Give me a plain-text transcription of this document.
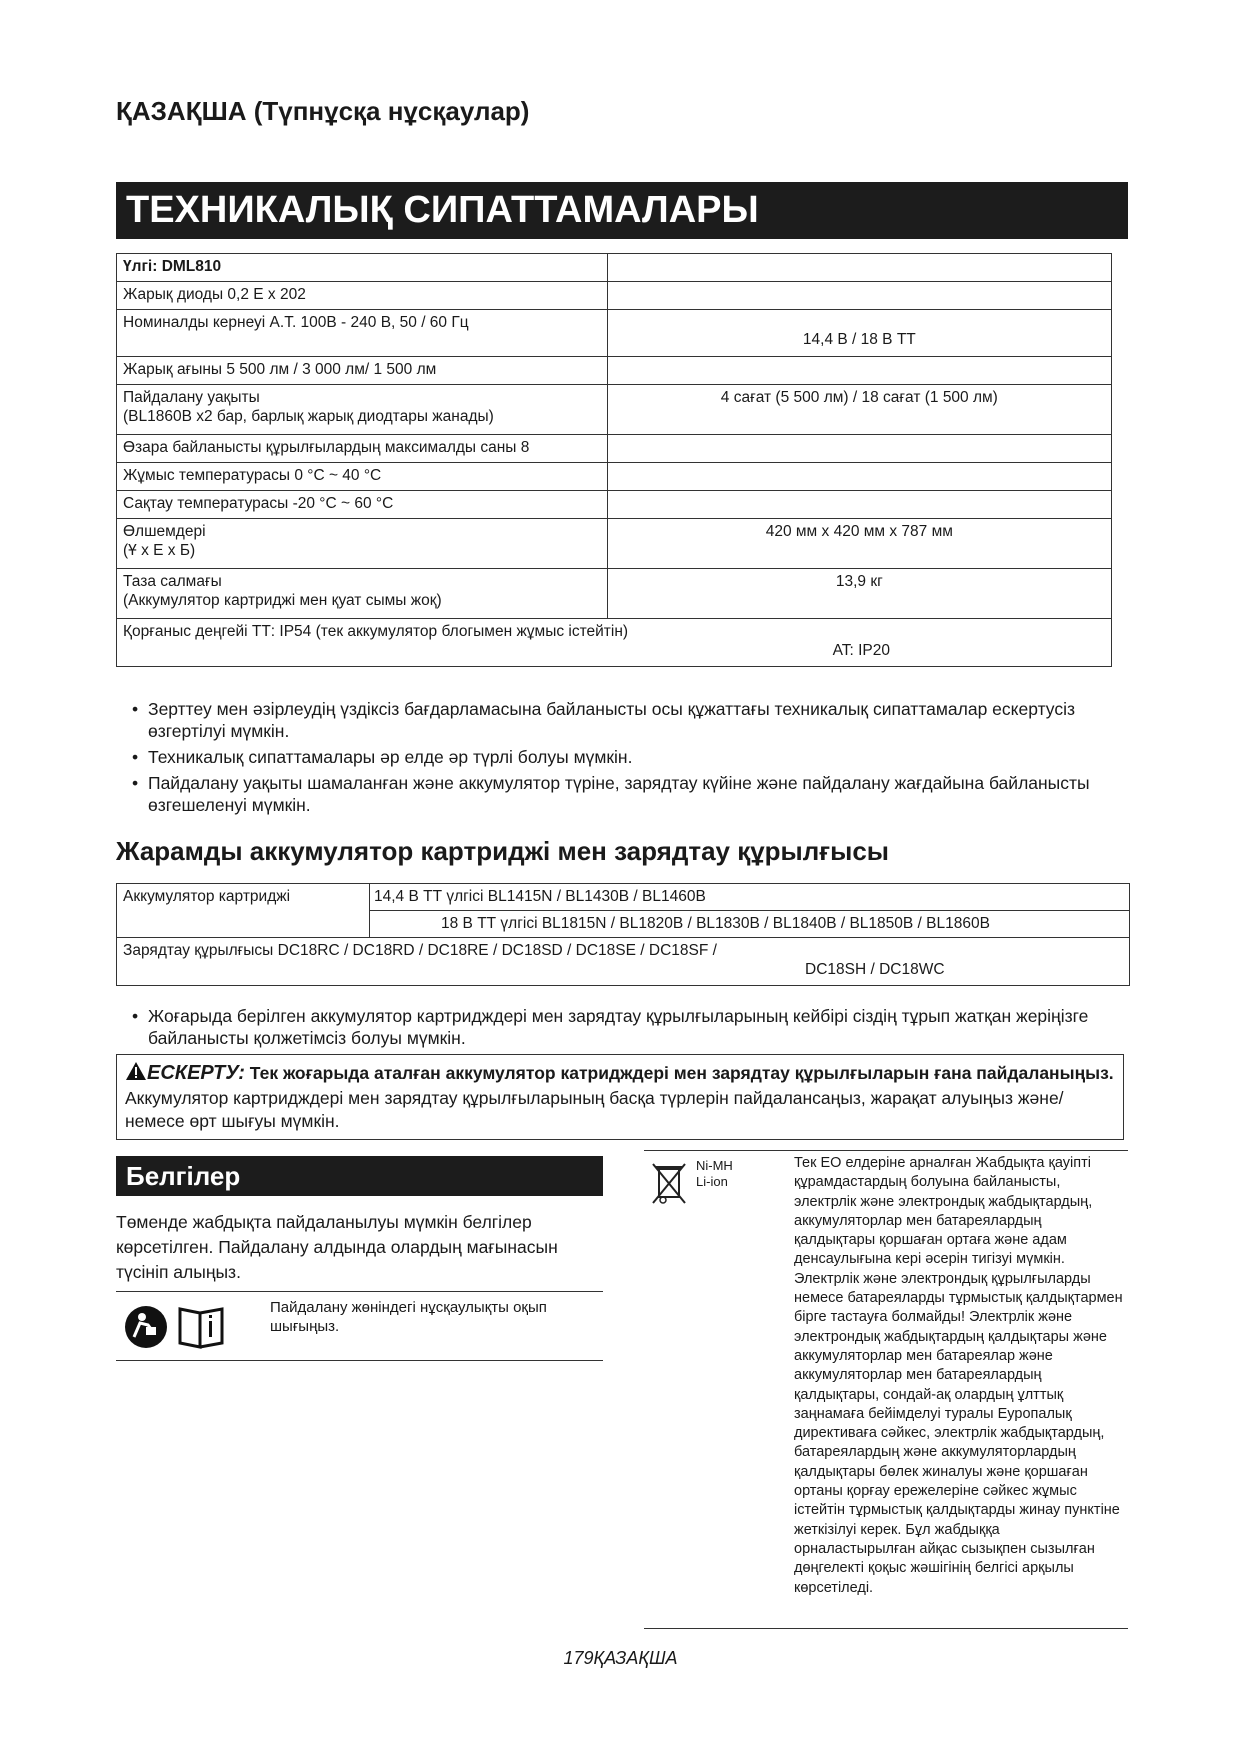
ҚАЗАҚША (Түпнұсқа нұсқаулар)
ТЕХНИКАЛЫҚ СИПАТТАМАЛАРЫ
Үлгі: DML810	
Жарық диоды 0,2 Е x 202	
Номиналды кернеуі А.Т. 100В - 240 В, 50 / 60 Гц	14,4 В / 18 В ТТ
Жарық ағыны 5 500 лм / 3 000 лм/ 1 500 лм	

Пайдалану уақыты
(BL1860B x2 бар, барлық жарық диодтары жанады)	4 сағат (5 500 лм) / 18 сағат (1 500 лм)
Өзара байланысты құрылғылардың максималды саны 8	
Жұмыс температурасы 0 °C ~ 40 °C	
Сақтау температурасы -20 °C ~ 60 °C	

Өлшемдері
(Ұ x Е x Б)	420 мм x 420 мм x 787 мм

Таза салмағы
(Аккумулятор картриджі мен қуат сымы жоқ)	13,9 кг

Қорғаныс деңгейі ТТ: IP54 (тек аккумулятор блогымен жұмыс істейтін)
AT: IP20	
• Зерттеу мен әзірлеудің үздіксіз бағдарламасына байланысты осы құжаттағы техникалық сипаттамалар ескертусіз өзгертілуі мүмкін.
• Техникалық сипаттамалары әр елде әр түрлі болуы мүмкін.
• Пайдалану уақыты шамаланған және аккумулятор түріне, зарядтау күйіне және пайдалану жағдайына байланысты өзгешеленуі мүмкін.
Жарамды аккумулятор картриджі мен зарядтау құрылғысы
Аккумулятор картриджі	14,4 В ТТ үлгісі BL1415N / BL1430B / BL1460B
	18 В ТТ үлгісі BL1815N / BL1820B / BL1830B / BL1840B / BL1850B / BL1860B

Зарядтау құрылғысы DC18RC / DC18RD / DC18RE / DC18SD / DC18SE / DC18SF /
DC18SH / DC18WC	
• Жоғарыда берілген аккумулятор картридждері мен зарядтау құрылғыларының кейбірі сіздің тұрып жатқан жеріңізге байланысты қолжетімсіз болуы мүмкін.
ЕСКЕРТУ: Тек жоғарыда аталған аккумулятор катридждері мен зарядтау құрылғыларын ғана пайдаланыңыз. Аккумулятор картридждері мен зарядтау құрылғыларының басқа түрлерін пайдалансаңыз, жарақат алуыңыз және/немесе өрт шығуы мүмкін.
Белгілер
Төменде жабдықта пайдаланылуы мүмкін белгілер көрсетілген. Пайдалану алдында олардың мағынасын түсініп алыңыз.
Пайдалану жөніндегі нұсқаулықты оқып шығыңыз.
Ni-MH
Li-ion
Тек ЕО елдеріне арналған Жабдықта қауіпті құрамдастардың болуына байланысты, электрлік және электрондық жабдықтардың, аккумуляторлар мен батареялардың қалдықтары қоршаған ортаға және адам денсаулығына кері әсерін тигізуі мүмкін. Электрлік және электрондық құрылғыларды немесе батареяларды тұрмыстық қалдықтармен бірге тастауға болмайды! Электрлік және электрондық жабдықтардың қалдықтары және аккумуляторлар мен батареялар және аккумуляторлар мен батареялардың қалдықтары, сондай-ақ олардың ұлттық заңнамаға бейімделуі туралы Еуропалық директиваға сәйкес, электрлік жабдықтардың, батареялардың және аккумуляторлардың қалдықтары бөлек жиналуы және қоршаған ортаны қорғау ережелеріне сәйкес жұмыс істейтін тұрмыстық қалдықтарды жинау пунктіне жеткізілуі керек. Бұл жабдыққа орналастырылған айқас сызықпен сызылған дөңгелекті қоқыс жәшігінің белгісі арқылы көрсетіледі.
179ҚАЗАҚША
